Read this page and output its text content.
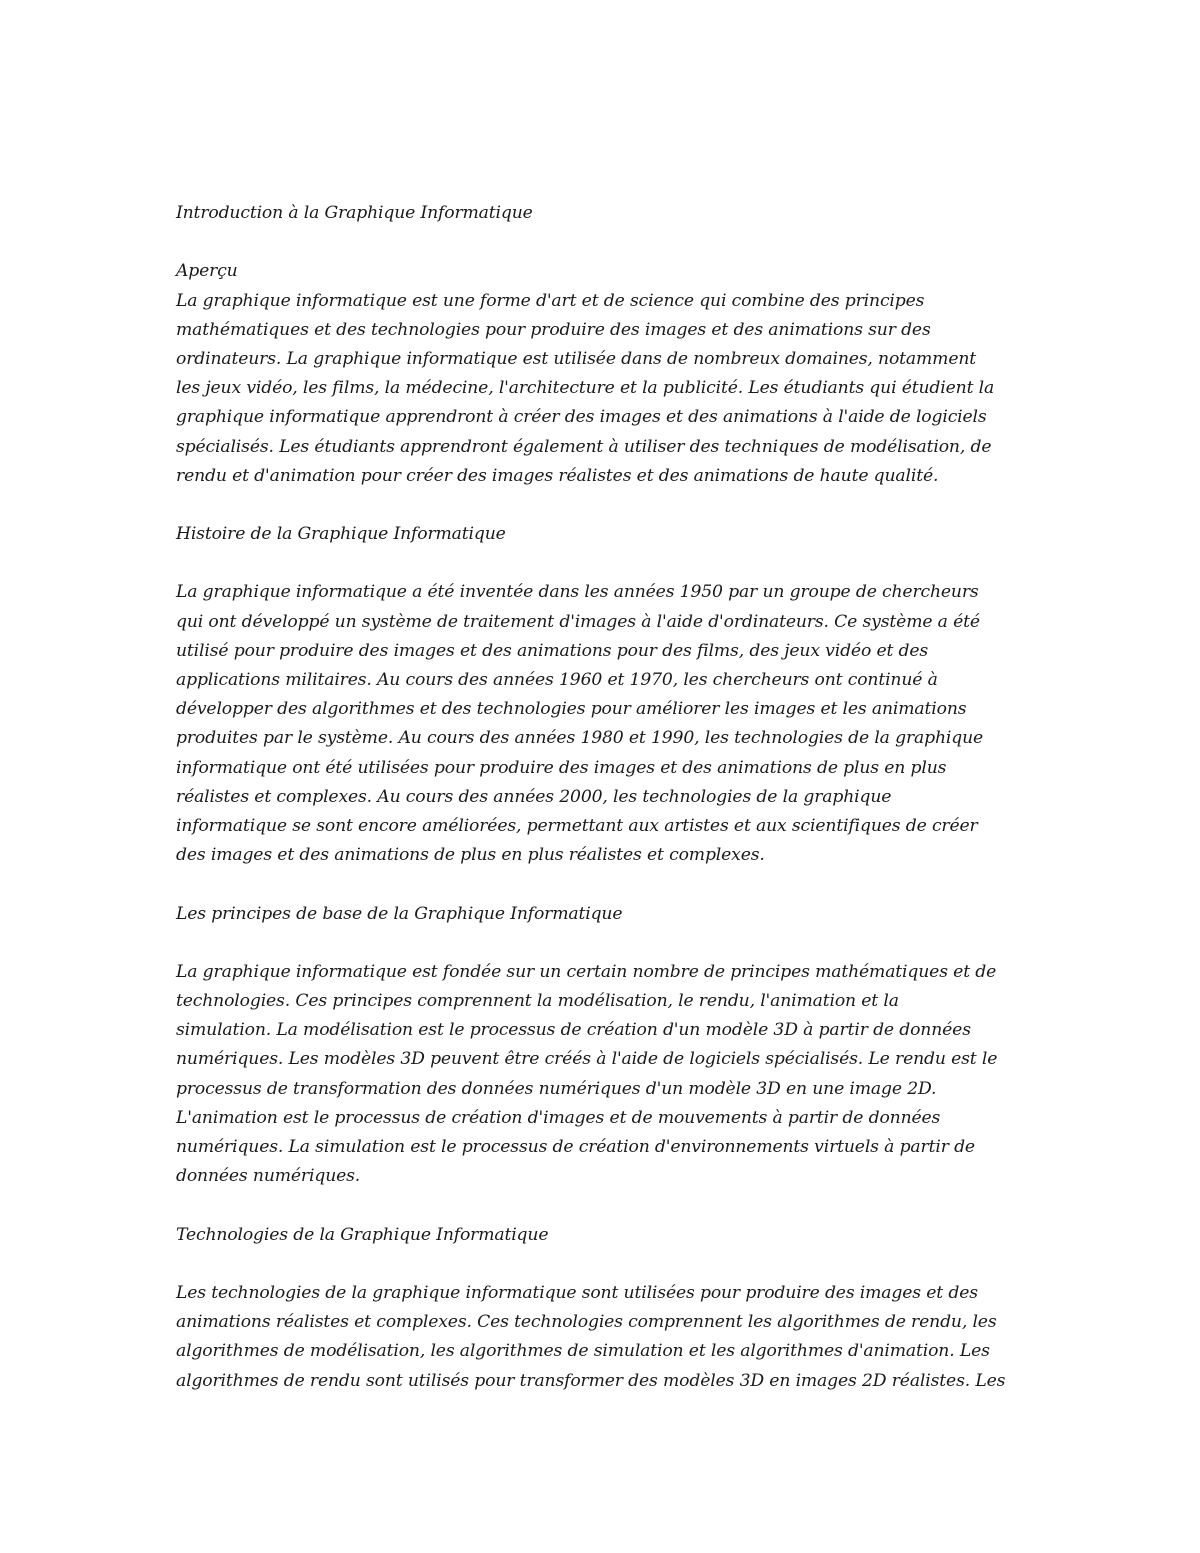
Introduction à la Graphique Informatique
Aperçu
La graphique informatique est une forme d'art et de science qui combine des principes
mathématiques et des technologies pour produire des images et des animations sur des
ordinateurs. La graphique informatique est utilisée dans de nombreux domaines, notamment
les jeux vidéo, les films, la médecine, l'architecture et la publicité. Les étudiants qui étudient la
graphique informatique apprendront à créer des images et des animations à l'aide de logiciels
spécialisés. Les étudiants apprendront également à utiliser des techniques de modélisation, de
rendu et d'animation pour créer des images réalistes et des animations de haute qualité.
Histoire de la Graphique Informatique
La graphique informatique a été inventée dans les années 1950 par un groupe de chercheurs
qui ont développé un système de traitement d'images à l'aide d'ordinateurs. Ce système a été
utilisé pour produire des images et des animations pour des films, des jeux vidéo et des
applications militaires. Au cours des années 1960 et 1970, les chercheurs ont continué à
développer des algorithmes et des technologies pour améliorer les images et les animations
produites par le système. Au cours des années 1980 et 1990, les technologies de la graphique
informatique ont été utilisées pour produire des images et des animations de plus en plus
réalistes et complexes. Au cours des années 2000, les technologies de la graphique
informatique se sont encore améliorées, permettant aux artistes et aux scientifiques de créer
des images et des animations de plus en plus réalistes et complexes.
Les principes de base de la Graphique Informatique
La graphique informatique est fondée sur un certain nombre de principes mathématiques et de
technologies. Ces principes comprennent la modélisation, le rendu, l'animation et la
simulation. La modélisation est le processus de création d'un modèle 3D à partir de données
numériques. Les modèles 3D peuvent être créés à l'aide de logiciels spécialisés. Le rendu est le
processus de transformation des données numériques d'un modèle 3D en une image 2D.
L'animation est le processus de création d'images et de mouvements à partir de données
numériques. La simulation est le processus de création d'environnements virtuels à partir de
données numériques.
Technologies de la Graphique Informatique
Les technologies de la graphique informatique sont utilisées pour produire des images et des
animations réalistes et complexes. Ces technologies comprennent les algorithmes de rendu, les
algorithmes de modélisation, les algorithmes de simulation et les algorithmes d'animation. Les
algorithmes de rendu sont utilisés pour transformer des modèles 3D en images 2D réalistes. Les
